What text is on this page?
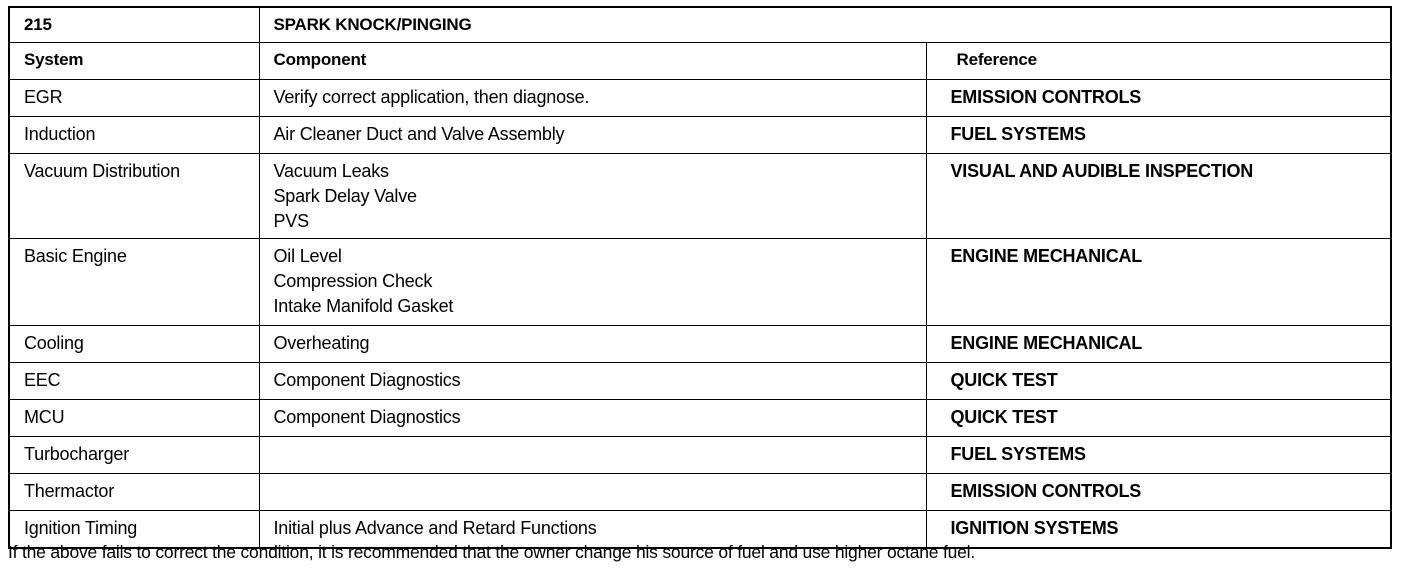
215	SPARK KNOCK/PINGING	
System	Component	Reference
EGR	Verify correct application, then diagnose.	EMISSION CONTROLS
Induction	Air Cleaner Duct and Valve Assembly	FUEL SYSTEMS
Vacuum Distribution	Vacuum Leaks
Spark Delay Valve
PVS	VISUAL AND AUDIBLE INSPECTION
Basic Engine	Oil Level
Compression Check
Intake Manifold Gasket	ENGINE MECHANICAL
Cooling	Overheating	ENGINE MECHANICAL
EEC	Component Diagnostics	QUICK TEST
MCU	Component Diagnostics	QUICK TEST
Turbocharger		FUEL SYSTEMS
Thermactor		EMISSION CONTROLS
Ignition Timing	Initial plus Advance and Retard Functions	IGNITION SYSTEMS
If the above fails to correct the condition, it is recommended that the owner change his source of fuel and use higher octane fuel.
